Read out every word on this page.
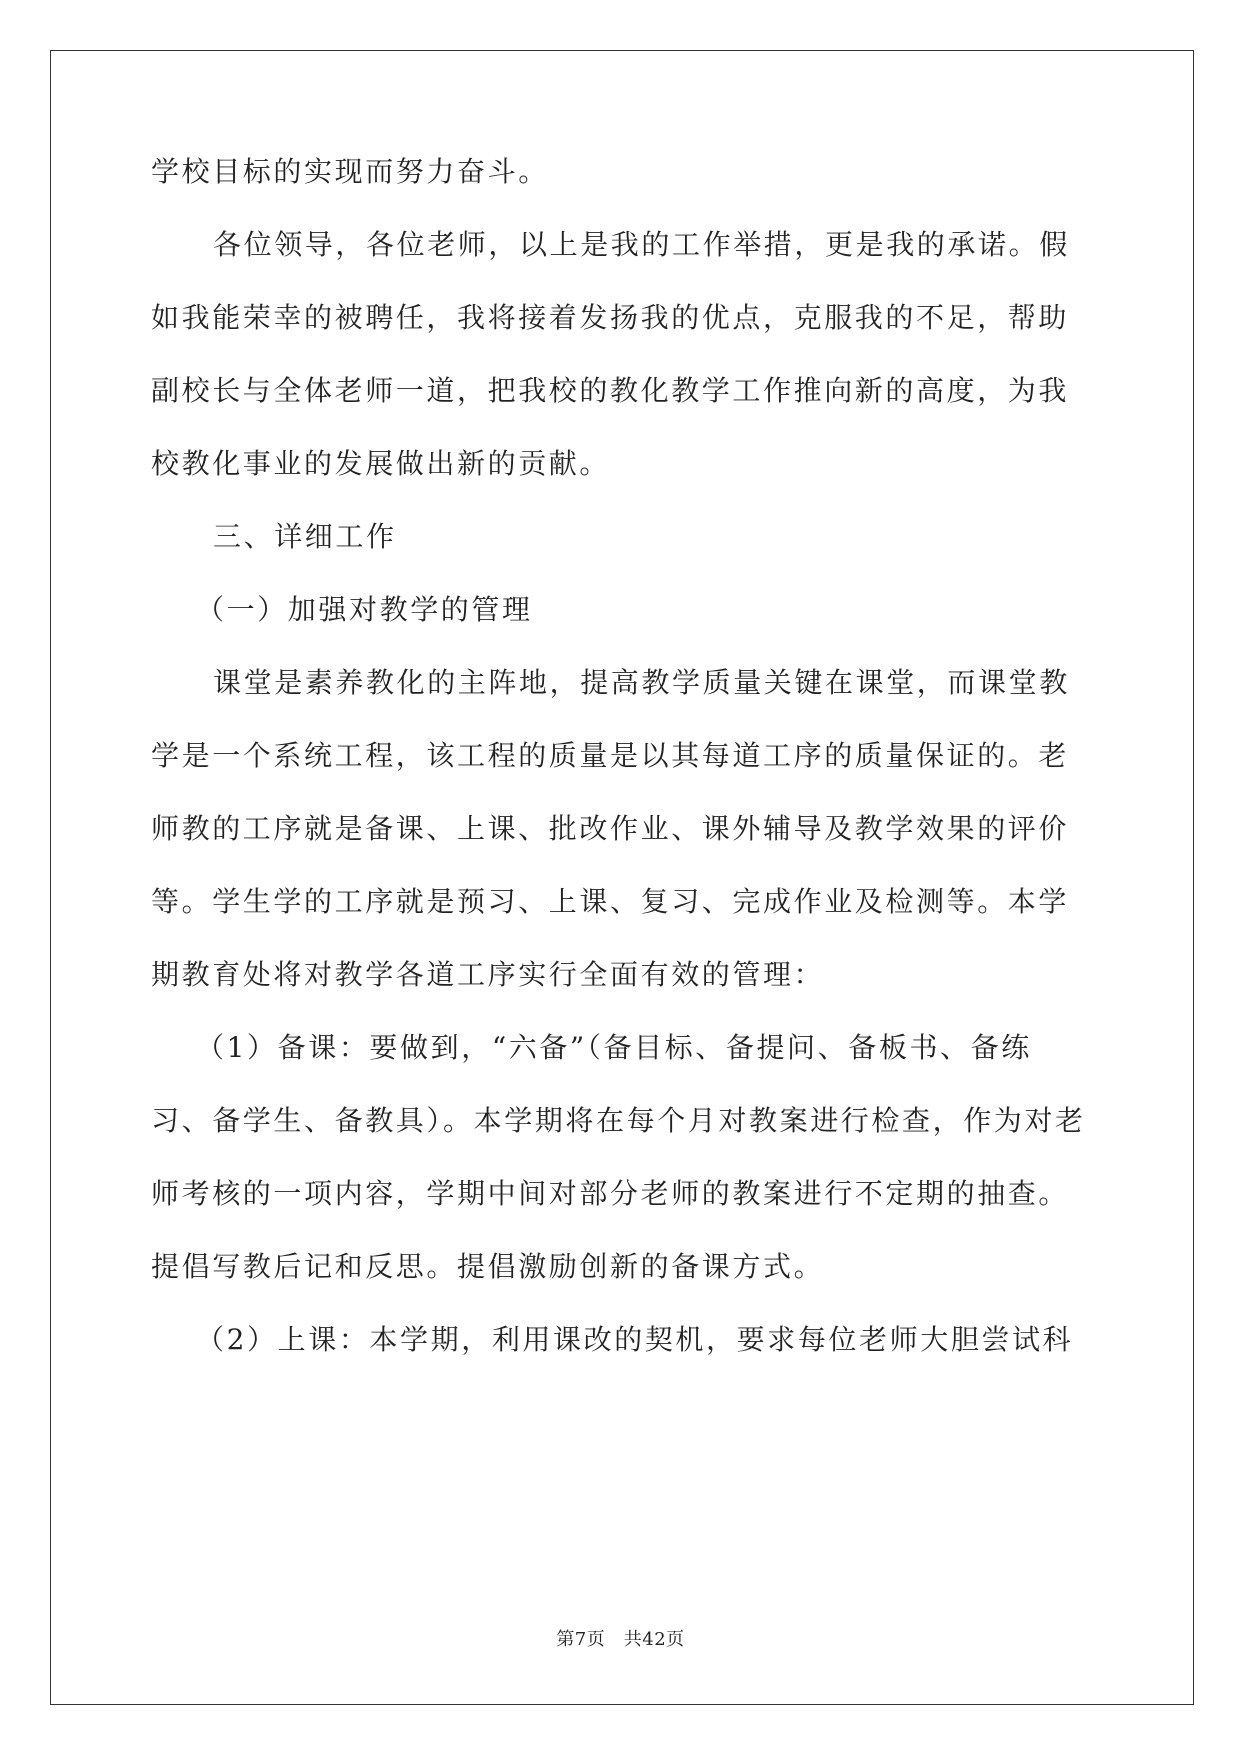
学校目标的实现而努力奋斗。
各位领导，各位老师，以上是我的工作举措，更是我的承诺。假
如我能荣幸的被聘任，我将接着发扬我的优点，克服我的不足，帮助
副校长与全体老师一道，把我校的教化教学工作推向新的高度，为我
校教化事业的发展做出新的贡献。
三、详细工作
（一）加强对教学的管理
课堂是素养教化的主阵地，提高教学质量关键在课堂，而课堂教
学是一个系统工程，该工程的质量是以其每道工序的质量保证的。老
师教的工序就是备课、上课、批改作业、课外辅导及教学效果的评价
等。学生学的工序就是预习、上课、复习、完成作业及检测等。本学
期教育处将对教学各道工序实行全面有效的管理：
（1）备课：要做到，“六备”（备目标、备提问、备板书、备练
习、备学生、备教具）。本学期将在每个月对教案进行检查，作为对老
师考核的一项内容，学期中间对部分老师的教案进行不定期的抽查。
提倡写教后记和反思。提倡激励创新的备课方式。
（2）上课：本学期，利用课改的契机，要求每位老师大胆尝试科
第7页　共42页
